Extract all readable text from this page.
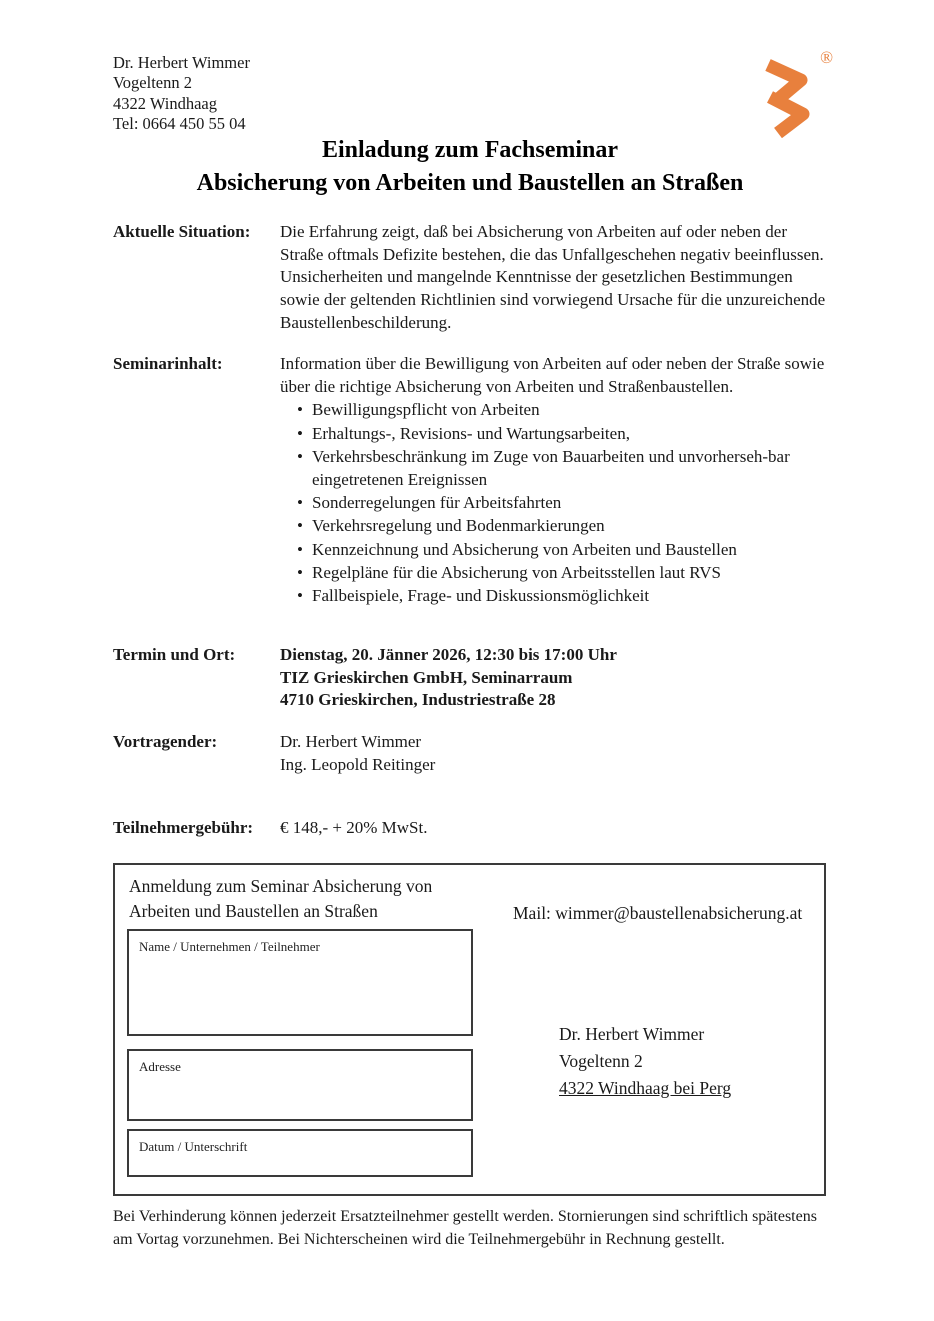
Dr. Herbert Wimmer
Vogeltenn 2
4322 Windhaag
Tel: 0664 450 55 04
®
Einladung zum Fachseminar
Absicherung von Arbeiten und Baustellen an Straßen
Aktuelle Situation:	Die Erfahrung zeigt, daß bei Absicherung von Arbeiten auf oder neben der Straße oftmals Defizite bestehen, die das Unfallgeschehen negativ beeinflussen. Unsicherheiten und mangelnde Kenntnisse der gesetzlichen Bestimmungen sowie der geltenden Richtlinien sind vorwiegend Ursache für die unzureichende Baustellenbeschilderung.
Seminarinhalt:	Information über die Bewilligung von Arbeiten auf oder neben der Straße sowie über die richtige Absicherung von Arbeiten und Straßenbaustellen.
• Bewilligungspflicht von Arbeiten
• Erhaltungs-, Revisions- und Wartungsarbeiten,
• Verkehrsbeschränkung im Zuge von Bauarbeiten und unvorherseh-bar eingetretenen Ereignissen
• Sonderregelungen für Arbeitsfahrten
• Verkehrsregelung und Bodenmarkierungen
• Kennzeichnung und Absicherung von Arbeiten und Baustellen
• Regelpläne für die Absicherung von Arbeitsstellen laut RVS
• Fallbeispiele, Frage- und Diskussionsmöglichkeit
Termin und Ort:	Dienstag, 20. Jänner 2026, 12:30 bis 17:00 Uhr
TIZ Grieskirchen GmbH, Seminarraum
4710 Grieskirchen, Industriestraße 28
Vortragender:	Dr. Herbert Wimmer
Ing. Leopold Reitinger
Teilnehmergebühr:	€ 148,- + 20% MwSt.
Anmeldung zum Seminar Absicherung von
Arbeiten und Baustellen an Straßen	Mail: wimmer@baustellenabsicherung.at
Name / Unternehmen / Teilnehmer
Adresse
Datum / Unterschrift
Dr. Herbert Wimmer
Vogeltenn 2
4322 Windhaag bei Perg
Bei Verhinderung können jederzeit Ersatzteilnehmer gestellt werden. Stornierungen sind schriftlich spätestens am Vortag vorzunehmen. Bei Nichterscheinen wird die Teilnehmergebühr in Rechnung gestellt.
